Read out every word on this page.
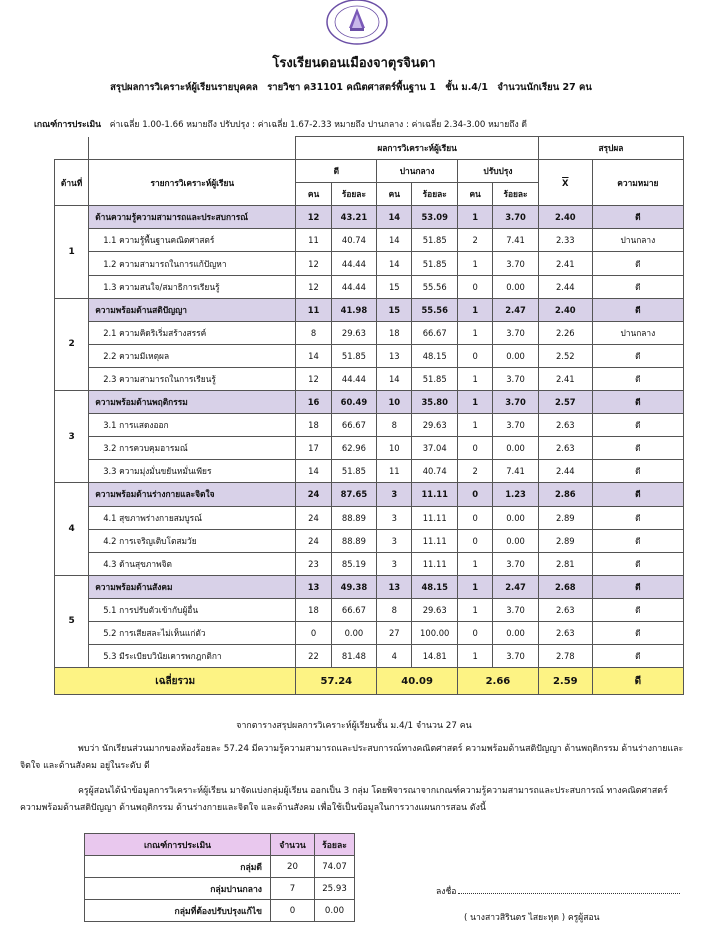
โรงเรียนดอนเมืองจาตุรจินดา
สรุปผลการวิเคราะห์ผู้เรียนรายบุคคล รายวิชา ค31101 คณิตศาสตร์พื้นฐาน 1 ชั้น ม.4/1 จำนวนนักเรียน 27 คน
เกณฑ์การประเมิน ค่าเฉลี่ย 1.00-1.66 หมายถึง ปรับปรุง : ค่าเฉลี่ย 1.67-2.33 หมายถึง ปานกลาง : ค่าเฉลี่ย 2.34-3.00 หมายถึง ดี
		ผลการวิเคราะห์ผู้เรียน						สรุปผล	
ด้านที่	รายการวิเคราะห์ผู้เรียน	ดี		ปานกลาง		ปรับปรุง		$\overline{X}$	ความหมาย
		คน	ร้อยละ	คน	ร้อยละ	คน	ร้อยละ		
1	ด้านความรู้ความสามารถและประสบการณ์	12	43.21	14	53.09	1	3.70	2.40	ดี
	1.1 ความรู้พื้นฐานคณิตศาสตร์	11	40.74	14	51.85	2	7.41	2.33	ปานกลาง
	1.2 ความสามารถในการแก้ปัญหา	12	44.44	14	51.85	1	3.70	2.41	ดี
	1.3 ความสนใจ/สมาธิการเรียนรู้	12	44.44	15	55.56	0	0.00	2.44	ดี
2	ความพร้อมด้านสติปัญญา	11	41.98	15	55.56	1	2.47	2.40	ดี
	2.1 ความคิดริเริ่มสร้างสรรค์	8	29.63	18	66.67	1	3.70	2.26	ปานกลาง
	2.2 ความมีเหตุผล	14	51.85	13	48.15	0	0.00	2.52	ดี
	2.3 ความสามารถในการเรียนรู้	12	44.44	14	51.85	1	3.70	2.41	ดี
3	ความพร้อมด้านพฤติกรรม	16	60.49	10	35.80	1	3.70	2.57	ดี
	3.1 การแสดงออก	18	66.67	8	29.63	1	3.70	2.63	ดี
	3.2 การควบคุมอารมณ์	17	62.96	10	37.04	0	0.00	2.63	ดี
	3.3 ความมุ่งมั่นขยันหมั่นเพียร	14	51.85	11	40.74	2	7.41	2.44	ดี
4	ความพร้อมด้านร่างกายและจิตใจ	24	87.65	3	11.11	0	1.23	2.86	ดี
	4.1 สุขภาพร่างกายสมบูรณ์	24	88.89	3	11.11	0	0.00	2.89	ดี
	4.2 การเจริญเติบโตสมวัย	24	88.89	3	11.11	0	0.00	2.89	ดี
	4.3 ด้านสุขภาพจิต	23	85.19	3	11.11	1	3.70	2.81	ดี
5	ความพร้อมด้านสังคม	13	49.38	13	48.15	1	2.47	2.68	ดี
	5.1 การปรับตัวเข้ากับผู้อื่น	18	66.67	8	29.63	1	3.70	2.63	ดี
	5.2 การเสียสละไม่เห็นแก่ตัว	0	0.00	27	100.00	0	0.00	2.63	ดี
	5.3 มีระเบียบวินัยเคารพกฎกติกา	22	81.48	4	14.81	1	3.70	2.78	ดี
เฉลี่ยรวม		57.24		40.09		2.66		2.59	ดี
จากตารางสรุปผลการวิเคราะห์ผู้เรียนชั้น ม.4/1 จำนวน 27 คน
พบว่า นักเรียนส่วนมากของห้องร้อยละ 57.24 มีความรู้ความสามารถและประสบการณ์ทางคณิตศาสตร์ ความพร้อมด้านสติปัญญา ด้านพฤติกรรม ด้านร่างกายและจิตใจ และด้านสังคม อยู่ในระดับ ดี
ครูผู้สอนได้นำข้อมูลการวิเคราะห์ผู้เรียน มาจัดแบ่งกลุ่มผู้เรียน ออกเป็น 3 กลุ่ม โดยพิจารณาจากเกณฑ์ความรู้ความสามารถและประสบการณ์ ทางคณิตศาสตร์ ความพร้อมด้านสติปัญญา ด้านพฤติกรรม ด้านร่างกายและจิตใจ และด้านสังคม เพื่อใช้เป็นข้อมูลในการวางแผนการสอน ดังนี้
เกณฑ์การประเมิน	จำนวน	ร้อยละ
กลุ่มดี	20	74.07
กลุ่มปานกลาง	7	25.93
กลุ่มที่ต้องปรับปรุงแก้ไข	0	0.00
ลงชื่อ
( นางสาวสิรินตร ไสยะหุด ) ครูผู้สอน
